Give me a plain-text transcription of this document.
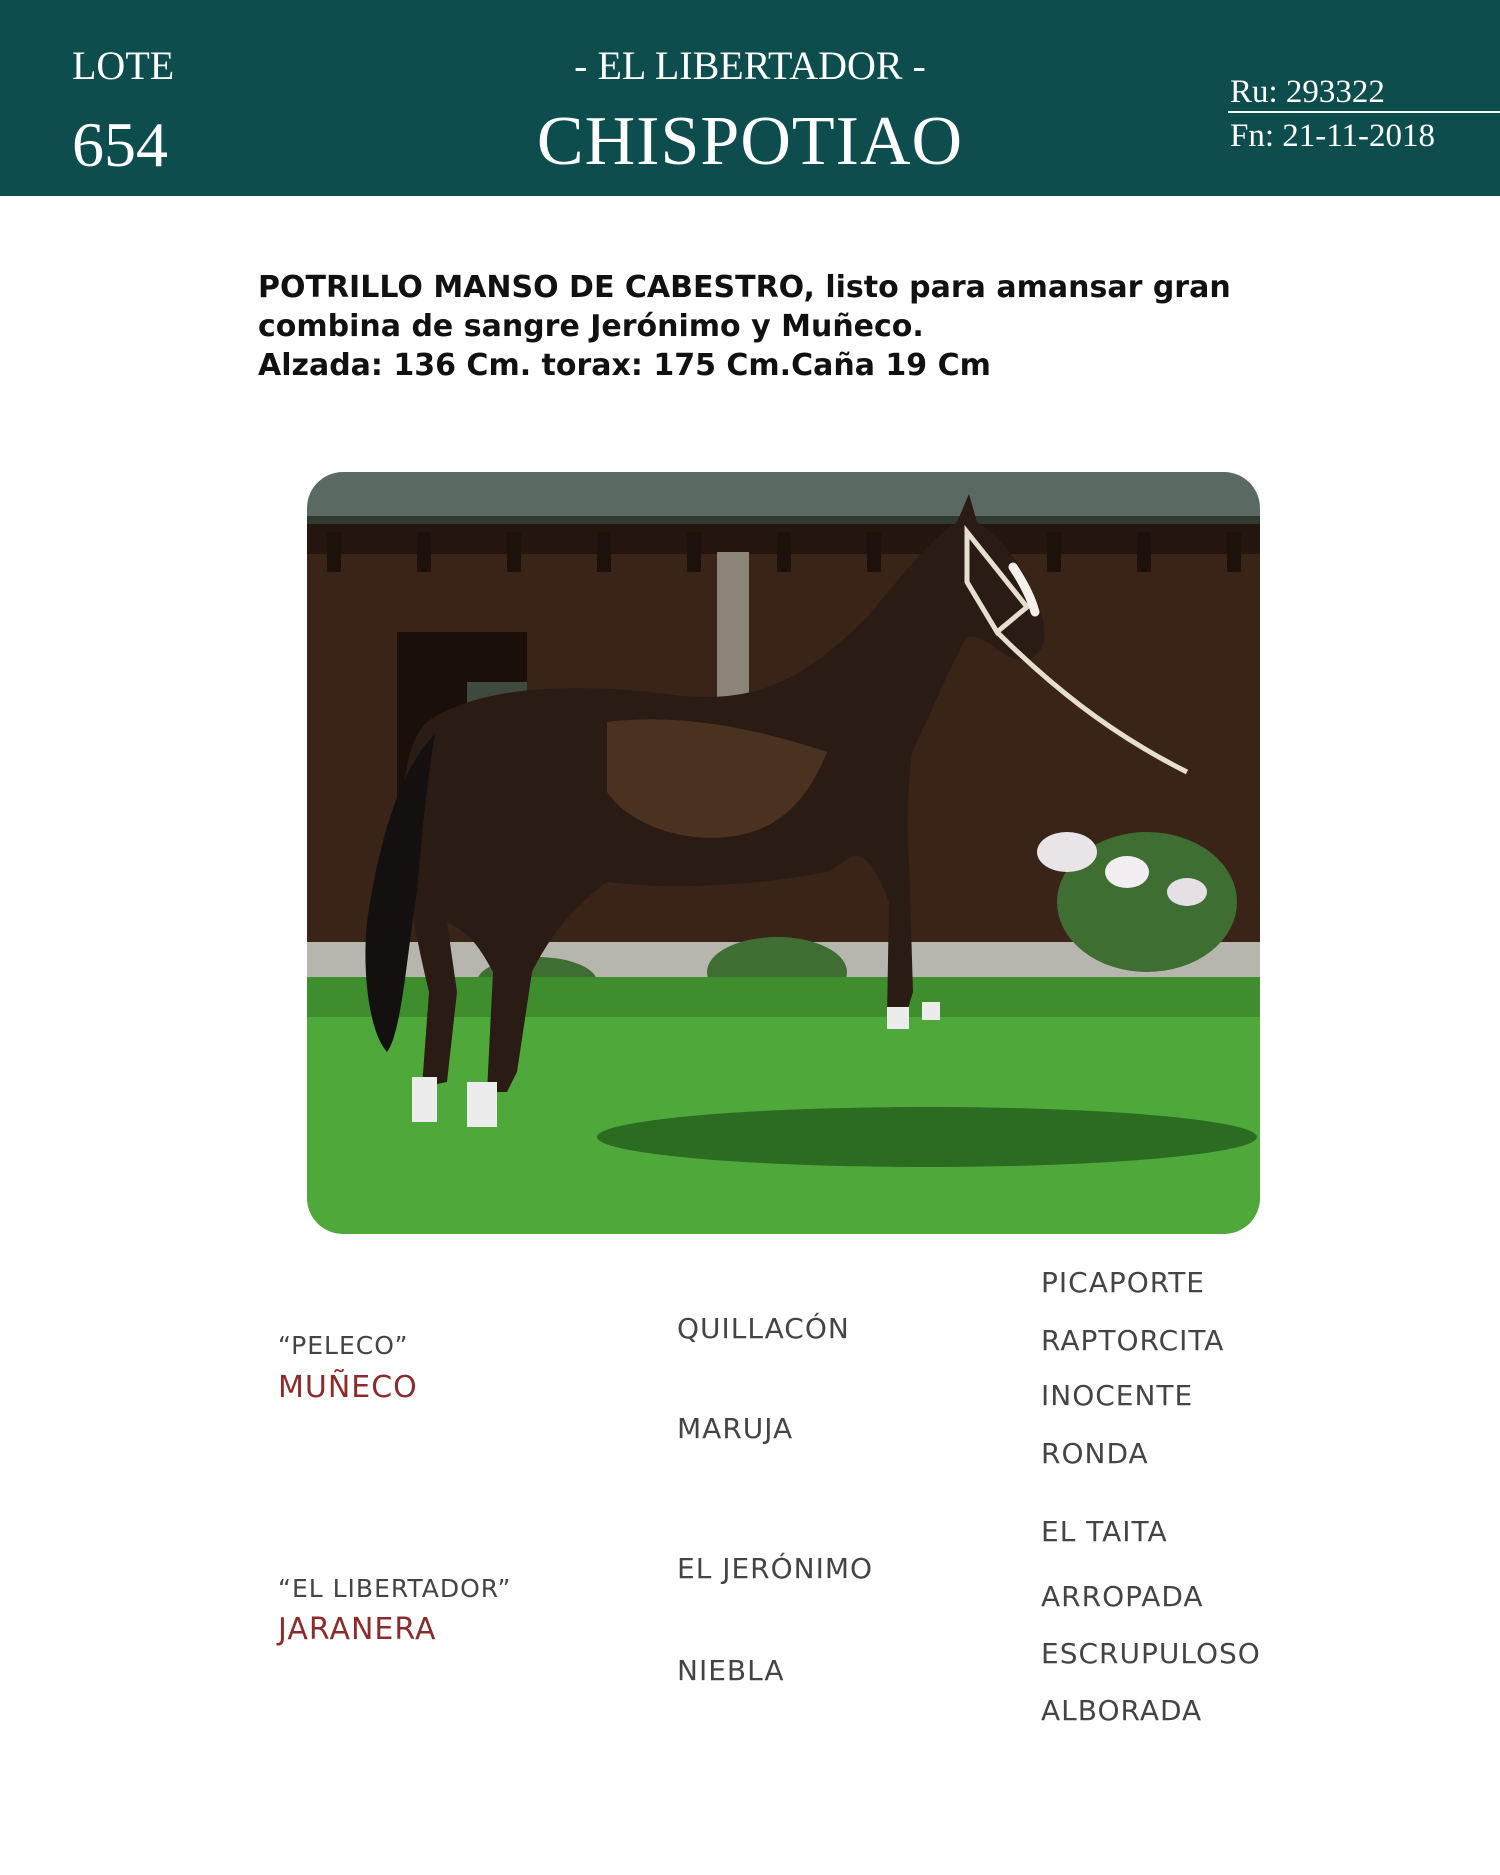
LOTE
654
- EL LIBERTADOR -
CHISPOTIAO
Ru: 293322
Fn: 21-11-2018
POTRILLO MANSO DE CABESTRO, listo para amansar gran
combina de sangre Jerónimo y Muñeco.
Alzada: 136 Cm. torax: 175 Cm.Caña 19 Cm
“PELECO”
MUÑECO
QUILLACÓN
MARUJA
PICAPORTE
RAPTORCITA
INOCENTE
RONDA
“EL LIBERTADOR”
JARANERA
EL JERÓNIMO
NIEBLA
EL TAITA
ARROPADA
ESCRUPULOSO
ALBORADA
